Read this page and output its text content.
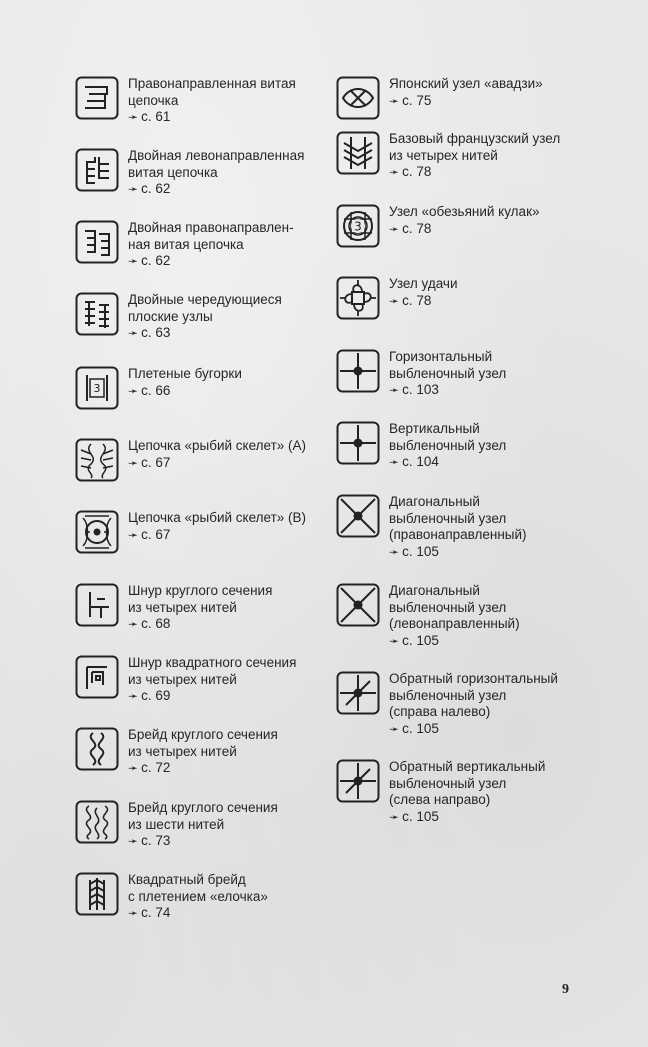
Правонаправленная витая
цепочка
➛ с. 61
Двойная левонаправленная
витая цепочка
➛ с. 62
Двойная правонаправлен-
ная витая цепочка
➛ с. 62
Двойные чередующиеся
плоские узлы
➛ с. 63
3
Плетеные бугорки
➛ с. 66
Цепочка «рыбий скелет» (A)
➛ с. 67
Цепочка «рыбий скелет» (B)
➛ с. 67
Шнур круглого сечения
из четырех нитей
➛ с. 68
Шнур квадратного сечения
из четырех нитей
➛ с. 69
Брейд круглого сечения
из четырех нитей
➛ с. 72
Брейд круглого сечения
из шести нитей
➛ с. 73
Квадратный брейд
с плетением «елочка»
➛ с. 74
Японский узел «авадзи»
➛ с. 75
Базовый французский узел
из четырех нитей
➛ с. 78
3
Узел «обезьяний кулак»
➛ с. 78
Узел удачи
➛ с. 78
Горизонтальный
выбленочный узел
➛ с. 103
Вертикальный
выбленочный узел
➛ с. 104
Диагональный
выбленочный узел
(правонаправленный)
➛ с. 105
Диагональный
выбленочный узел
(левонаправленный)
➛ с. 105
Обратный горизонтальный
выбленочный узел
(справа налево)
➛ с. 105
Обратный вертикальный
выбленочный узел
(слева направо)
➛ с. 105
9
